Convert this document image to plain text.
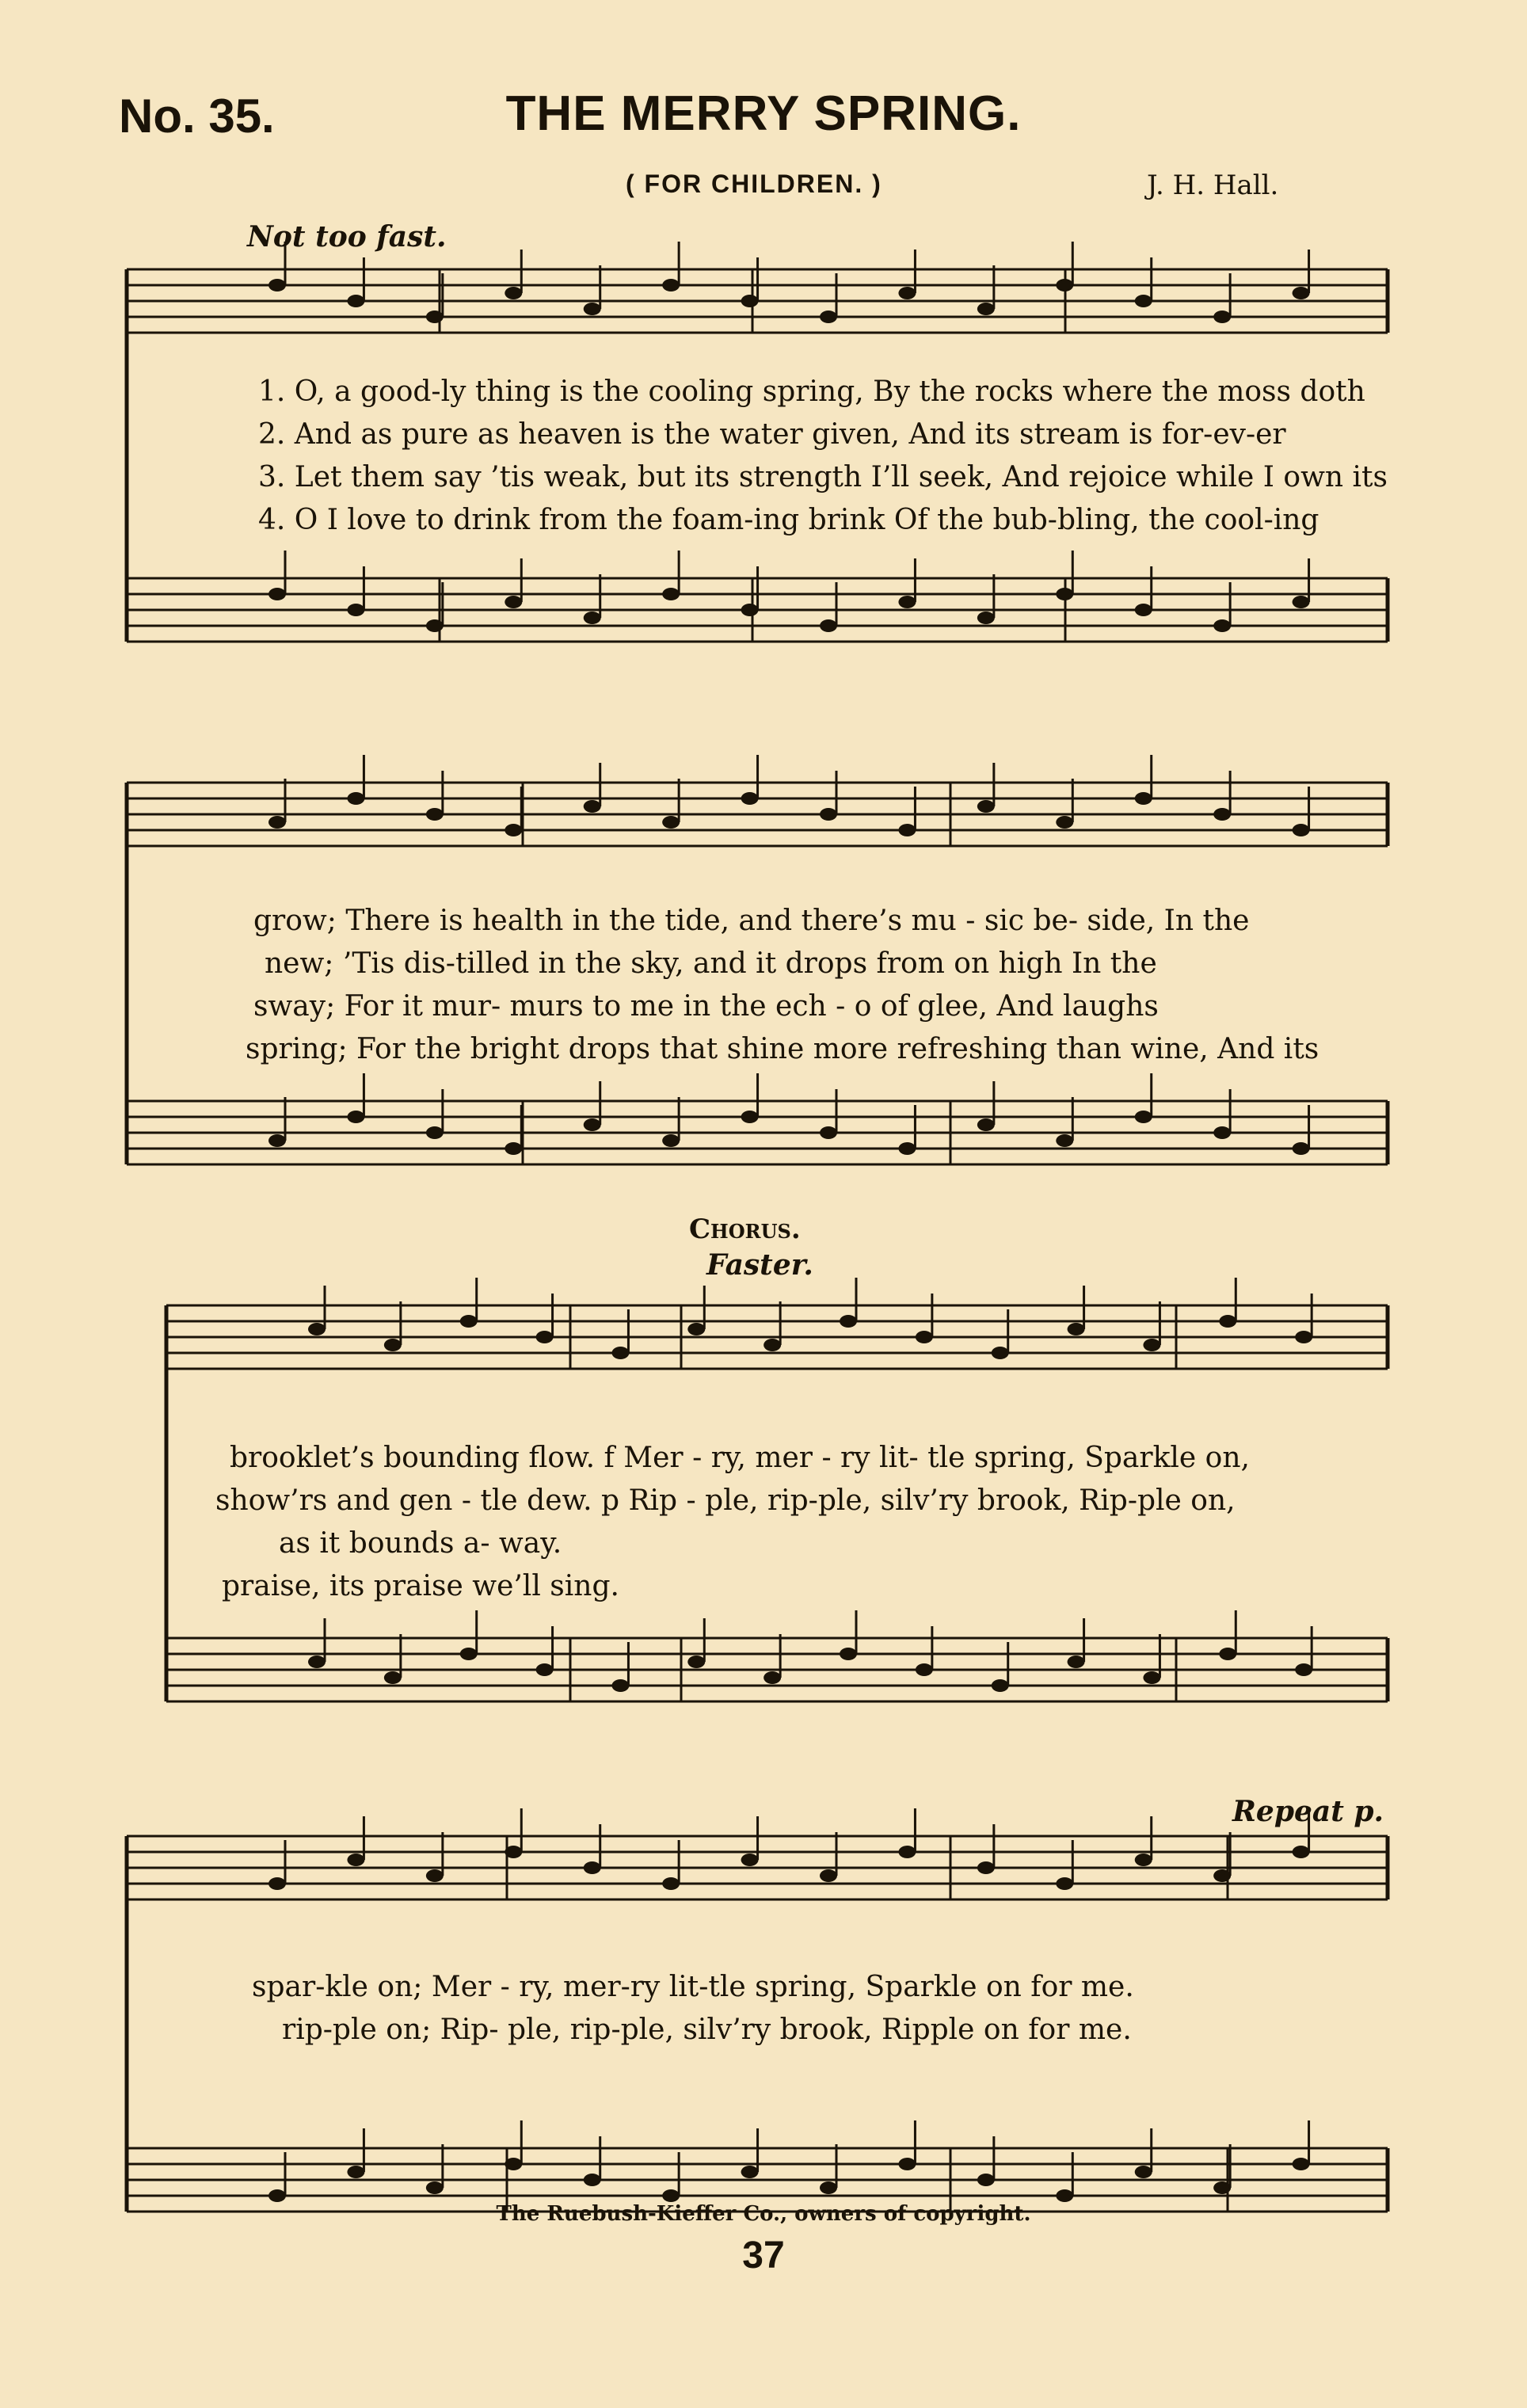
No. 35.	THE MERRY SPRING.
( FOR CHILDREN. )	J. H. Hall.
Not too fast.
Chorus.
Faster.
Repeat p.
1. O, a good-ly thing is the cooling spring, By the rocks where the moss doth
2. And as pure as heaven is the water given, And its stream is for-ev-er
3. Let them say ’tis weak, but its strength I’ll seek, And rejoice while I own its
4. O I love to drink from the foam-ing brink Of the bub-bling, the cool-ing
grow; There is health in the tide, and there’s mu - sic be- side, In the
new; ’Tis dis-tilled in the sky, and it drops from on high In the
sway; For it mur- murs to me in the ech - o of glee, And laughs
spring; For the bright drops that shine more refreshing than wine, And its
brooklet’s bounding flow. f Mer - ry, mer - ry lit- tle spring, Sparkle on,
show’rs and gen - tle dew. p Rip - ple, rip-ple, silv’ry brook, Rip-ple on,
as it bounds a- way.
praise, its praise we’ll sing.
spar-kle on; Mer - ry, mer-ry lit-tle spring, Sparkle on for me.
rip-ple on; Rip- ple, rip-ple, silv’ry brook, Ripple on for me.
The Ruebush-Kieffer Co., owners of copyright.
37
